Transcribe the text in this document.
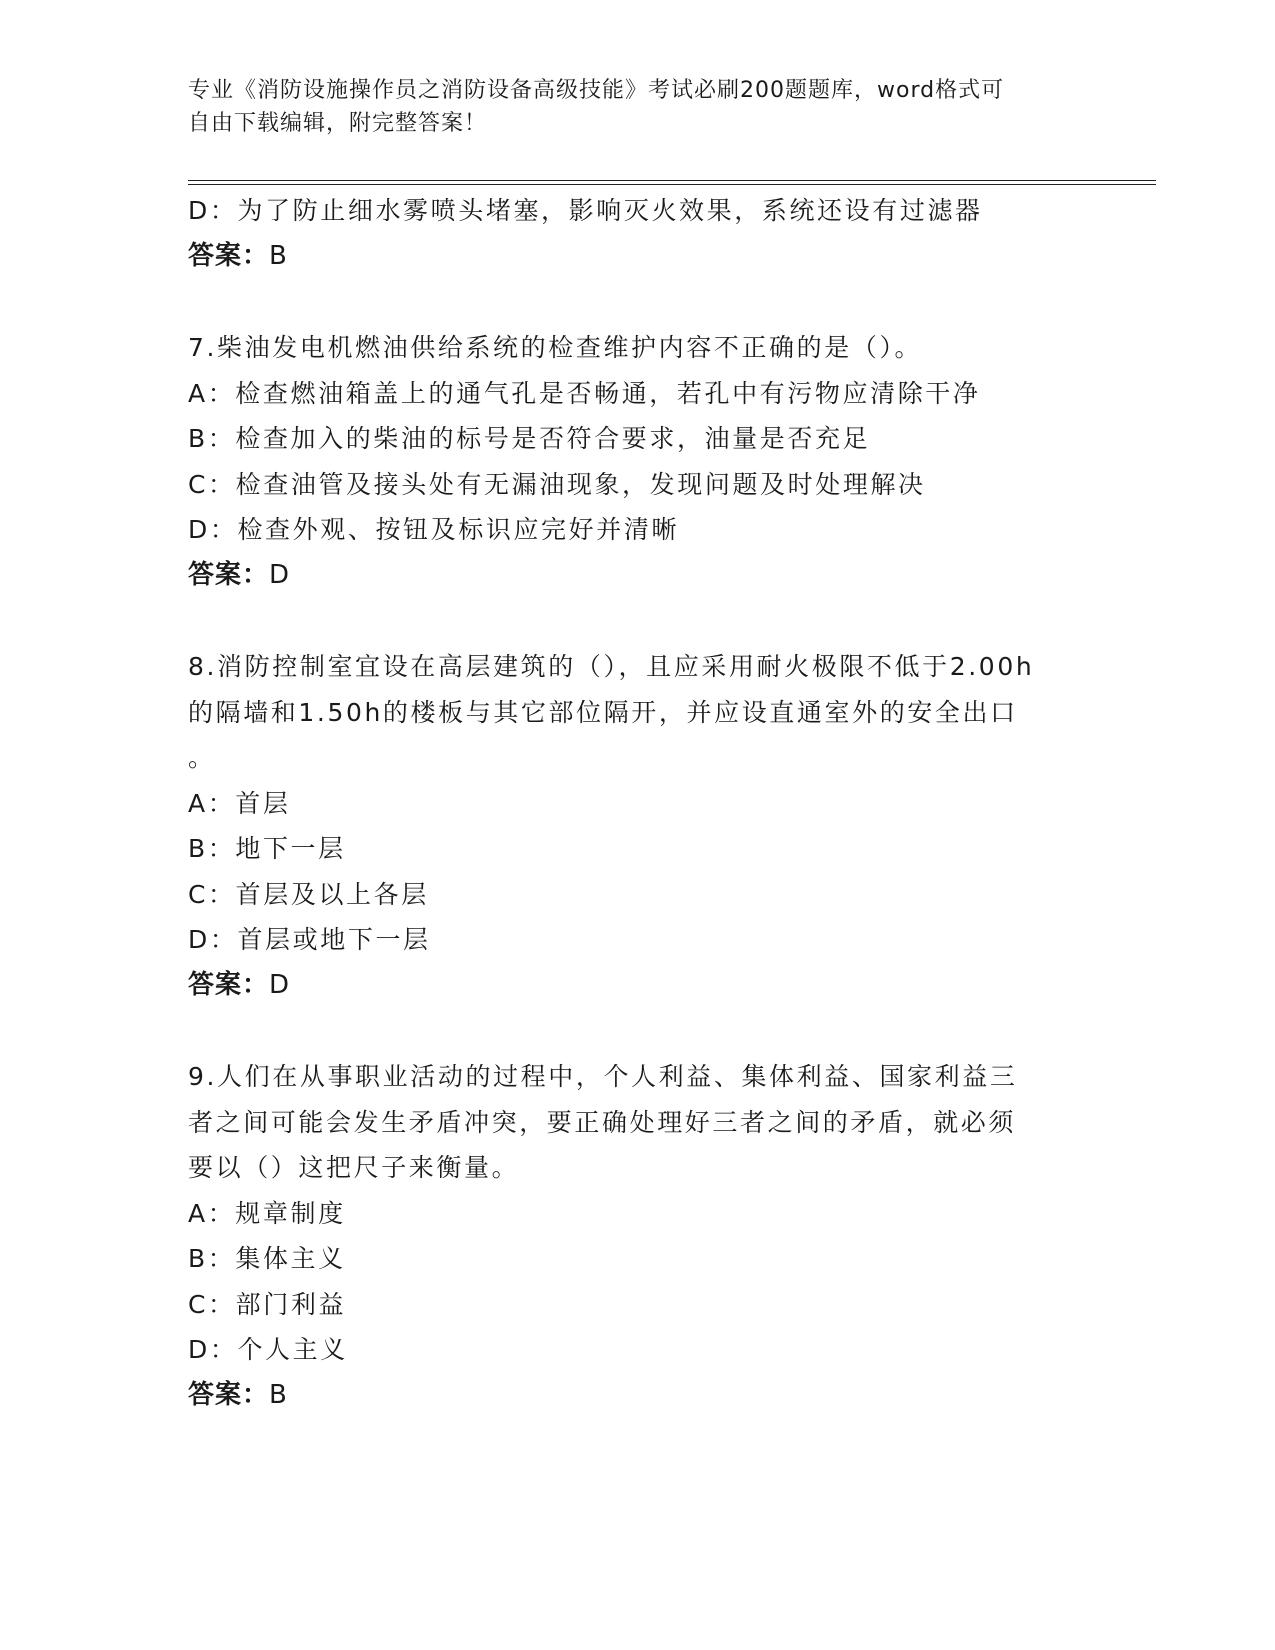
专业《消防设施操作员之消防设备高级技能》考试必刷200题题库，word格式可
自由下载编辑，附完整答案！
D：为了防止细水雾喷头堵塞，影响灭火效果，系统还设有过滤器
答案：B
7.柴油发电机燃油供给系统的检查维护内容不正确的是（）。
A：检查燃油箱盖上的通气孔是否畅通，若孔中有污物应清除干净
B：检查加入的柴油的标号是否符合要求，油量是否充足
C：检查油管及接头处有无漏油现象，发现问题及时处理解决
D：检查外观、按钮及标识应完好并清晰
答案：D
8.消防控制室宜设在高层建筑的（），且应采用耐火极限不低于2.00h
的隔墙和1.50h的楼板与其它部位隔开，并应设直通室外的安全出口
。
A：首层
B：地下一层
C：首层及以上各层
D：首层或地下一层
答案：D
9.人们在从事职业活动的过程中，个人利益、集体利益、国家利益三
者之间可能会发生矛盾冲突，要正确处理好三者之间的矛盾，就必须
要以（）这把尺子来衡量。
A：规章制度
B：集体主义
C：部门利益
D：个人主义
答案：B
